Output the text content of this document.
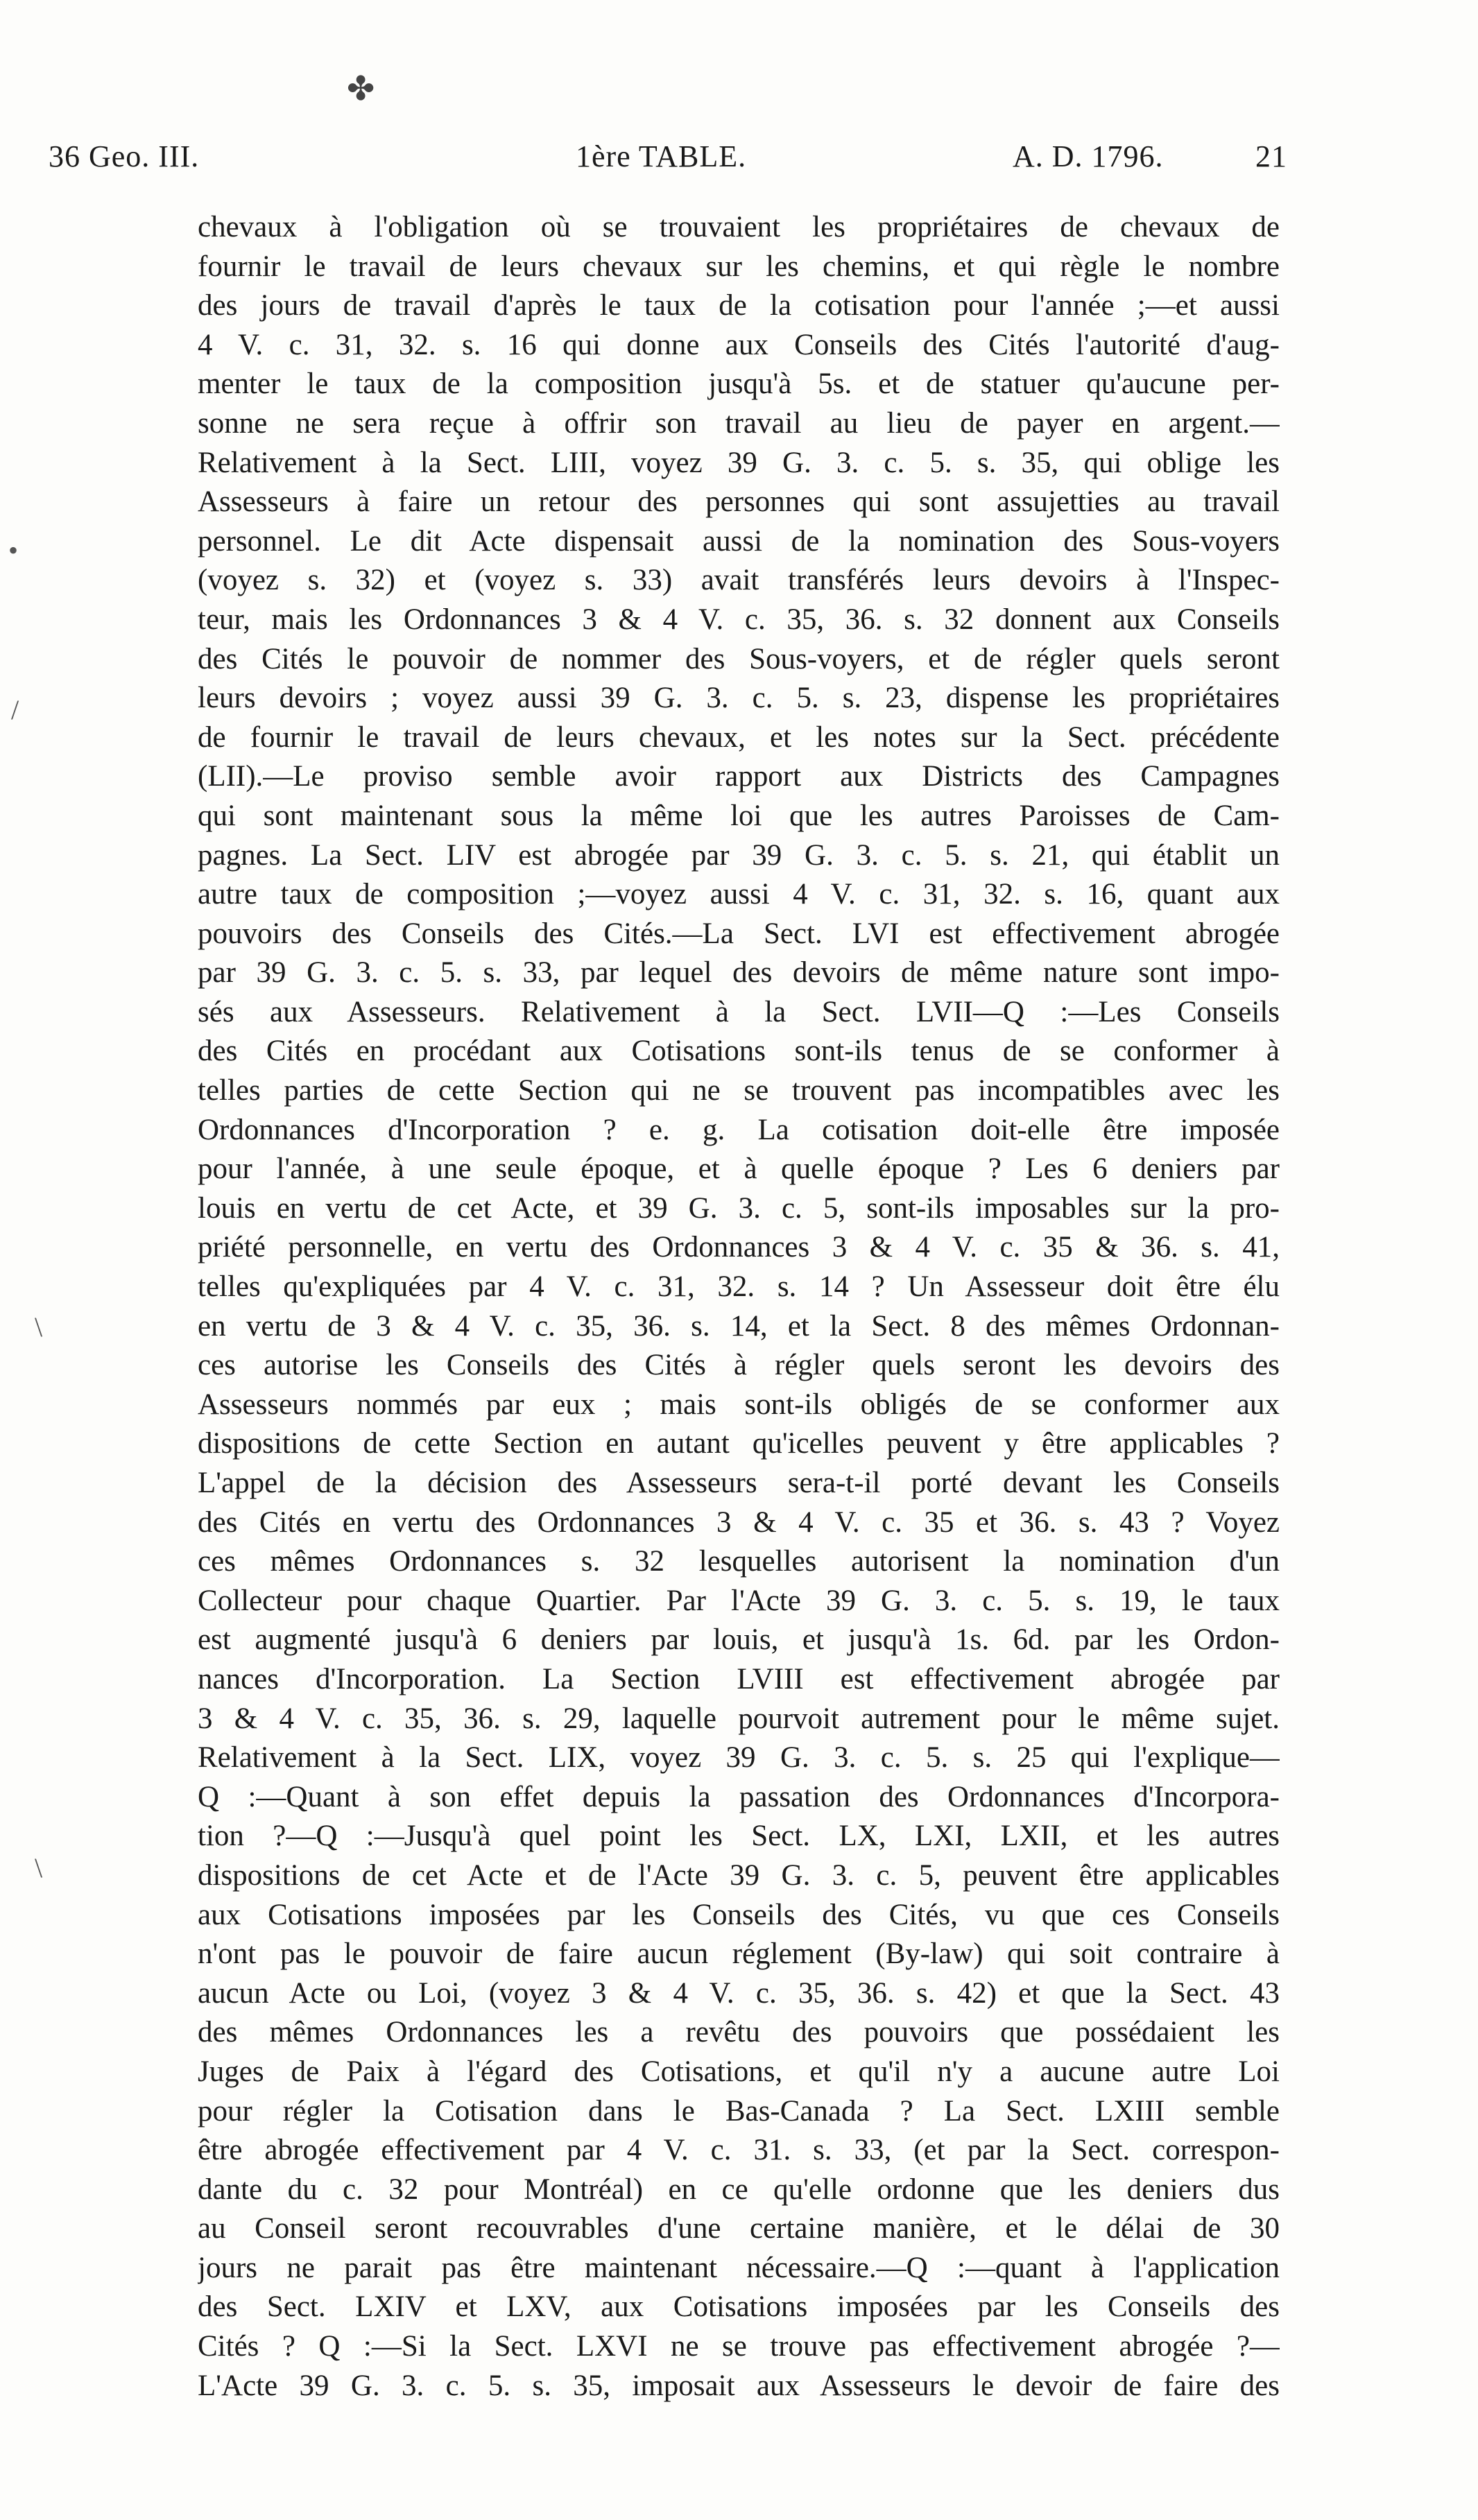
✤
36 Geo. III.	1ère TABLE.	A. D. 1796.	21
•
/
\
\
chevaux à l'obligation où se trouvaient les propriétaires de chevaux de
fournir le travail de leurs chevaux sur les chemins, et qui règle le nombre
des jours de travail d'après le taux de la cotisation pour l'année ;—et aussi
4 V. c. 31, 32. s. 16 qui donne aux Conseils des Cités l'autorité d'aug-
menter le taux de la composition jusqu'à 5s. et de statuer qu'aucune per-
sonne ne sera reçue à offrir son travail au lieu de payer en argent.—
Relativement à la Sect. LIII, voyez 39 G. 3. c. 5. s. 35, qui oblige les
Assesseurs à faire un retour des personnes qui sont assujetties au travail
personnel. Le dit Acte dispensait aussi de la nomination des Sous-voyers
(voyez s. 32) et (voyez s. 33) avait transférés leurs devoirs à l'Inspec-
teur, mais les Ordonnances 3 & 4 V. c. 35, 36. s. 32 donnent aux Conseils
des Cités le pouvoir de nommer des Sous-voyers, et de régler quels seront
leurs devoirs ; voyez aussi 39 G. 3. c. 5. s. 23, dispense les propriétaires
de fournir le travail de leurs chevaux, et les notes sur la Sect. précédente
(LII).—Le proviso semble avoir rapport aux Districts des Campagnes
qui sont maintenant sous la même loi que les autres Paroisses de Cam-
pagnes. La Sect. LIV est abrogée par 39 G. 3. c. 5. s. 21, qui établit un
autre taux de composition ;—voyez aussi 4 V. c. 31, 32. s. 16, quant aux
pouvoirs des Conseils des Cités.—La Sect. LVI est effectivement abrogée
par 39 G. 3. c. 5. s. 33, par lequel des devoirs de même nature sont impo-
sés aux Assesseurs. Relativement à la Sect. LVII—Q :—Les Conseils
des Cités en procédant aux Cotisations sont-ils tenus de se conformer à
telles parties de cette Section qui ne se trouvent pas incompatibles avec les
Ordonnances d'Incorporation ? e. g. La cotisation doit-elle être imposée
pour l'année, à une seule époque, et à quelle époque ? Les 6 deniers par
louis en vertu de cet Acte, et 39 G. 3. c. 5, sont-ils imposables sur la pro-
priété personnelle, en vertu des Ordonnances 3 & 4 V. c. 35 & 36. s. 41,
telles qu'expliquées par 4 V. c. 31, 32. s. 14 ? Un Assesseur doit être élu
en vertu de 3 & 4 V. c. 35, 36. s. 14, et la Sect. 8 des mêmes Ordonnan-
ces autorise les Conseils des Cités à régler quels seront les devoirs des
Assesseurs nommés par eux ; mais sont-ils obligés de se conformer aux
dispositions de cette Section en autant qu'icelles peuvent y être applicables ?
L'appel de la décision des Assesseurs sera-t-il porté devant les Conseils
des Cités en vertu des Ordonnances 3 & 4 V. c. 35 et 36. s. 43 ? Voyez
ces mêmes Ordonnances s. 32 lesquelles autorisent la nomination d'un
Collecteur pour chaque Quartier. Par l'Acte 39 G. 3. c. 5. s. 19, le taux
est augmenté jusqu'à 6 deniers par louis, et jusqu'à 1s. 6d. par les Ordon-
nances d'Incorporation. La Section LVIII est effectivement abrogée par
3 & 4 V. c. 35, 36. s. 29, laquelle pourvoit autrement pour le même sujet.
Relativement à la Sect. LIX, voyez 39 G. 3. c. 5. s. 25 qui l'explique—
Q :—Quant à son effet depuis la passation des Ordonnances d'Incorpora-
tion ?—Q :—Jusqu'à quel point les Sect. LX, LXI, LXII, et les autres
dispositions de cet Acte et de l'Acte 39 G. 3. c. 5, peuvent être applicables
aux Cotisations imposées par les Conseils des Cités, vu que ces Conseils
n'ont pas le pouvoir de faire aucun réglement (By-law) qui soit contraire à
aucun Acte ou Loi, (voyez 3 & 4 V. c. 35, 36. s. 42) et que la Sect. 43
des mêmes Ordonnances les a revêtu des pouvoirs que possédaient les
Juges de Paix à l'égard des Cotisations, et qu'il n'y a aucune autre Loi
pour régler la Cotisation dans le Bas-Canada ? La Sect. LXIII semble
être abrogée effectivement par 4 V. c. 31. s. 33, (et par la Sect. correspon-
dante du c. 32 pour Montréal) en ce qu'elle ordonne que les deniers dus
au Conseil seront recouvrables d'une certaine manière, et le délai de 30
jours ne parait pas être maintenant nécessaire.—Q :—quant à l'application
des Sect. LXIV et LXV, aux Cotisations imposées par les Conseils des
Cités ? Q :—Si la Sect. LXVI ne se trouve pas effectivement abrogée ?—
L'Acte 39 G. 3. c. 5. s. 35, imposait aux Assesseurs le devoir de faire des
